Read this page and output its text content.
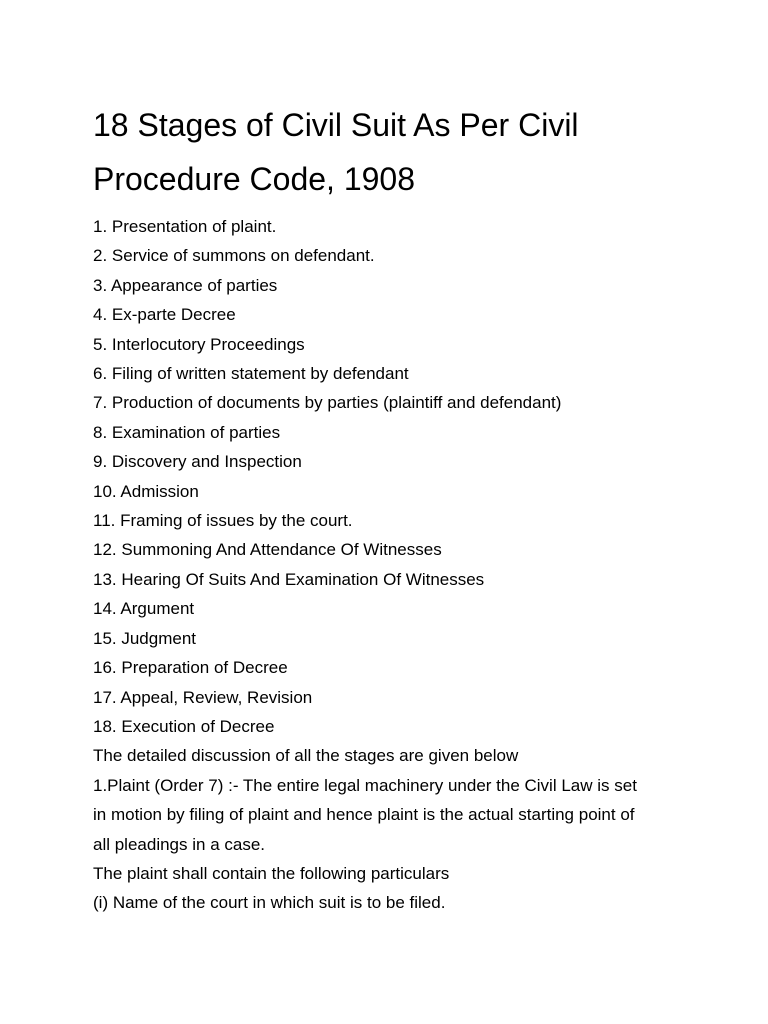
18 Stages of Civil Suit As Per Civil
Procedure Code, 1908
1. Presentation of plaint.
2. Service of summons on defendant.
3. Appearance of parties
4. Ex-parte Decree
5. Interlocutory Proceedings
6. Filing of written statement by defendant
7. Production of documents by parties (plaintiff and defendant)
8. Examination of parties
9. Discovery and Inspection
10. Admission
11. Framing of issues by the court.
12. Summoning And Attendance Of Witnesses
13. Hearing Of Suits And Examination Of Witnesses
14. Argument
15. Judgment
16. Preparation of Decree
17. Appeal, Review, Revision
18. Execution of Decree

The detailed discussion of all the stages are given below

1.Plaint (Order 7) :- The entire legal machinery under the Civil Law is set

in motion by filing of plaint and hence plaint is the actual starting point of

all pleadings in a case.

The plaint shall contain the following particulars

(i) Name of the court in which suit is to be filed.
